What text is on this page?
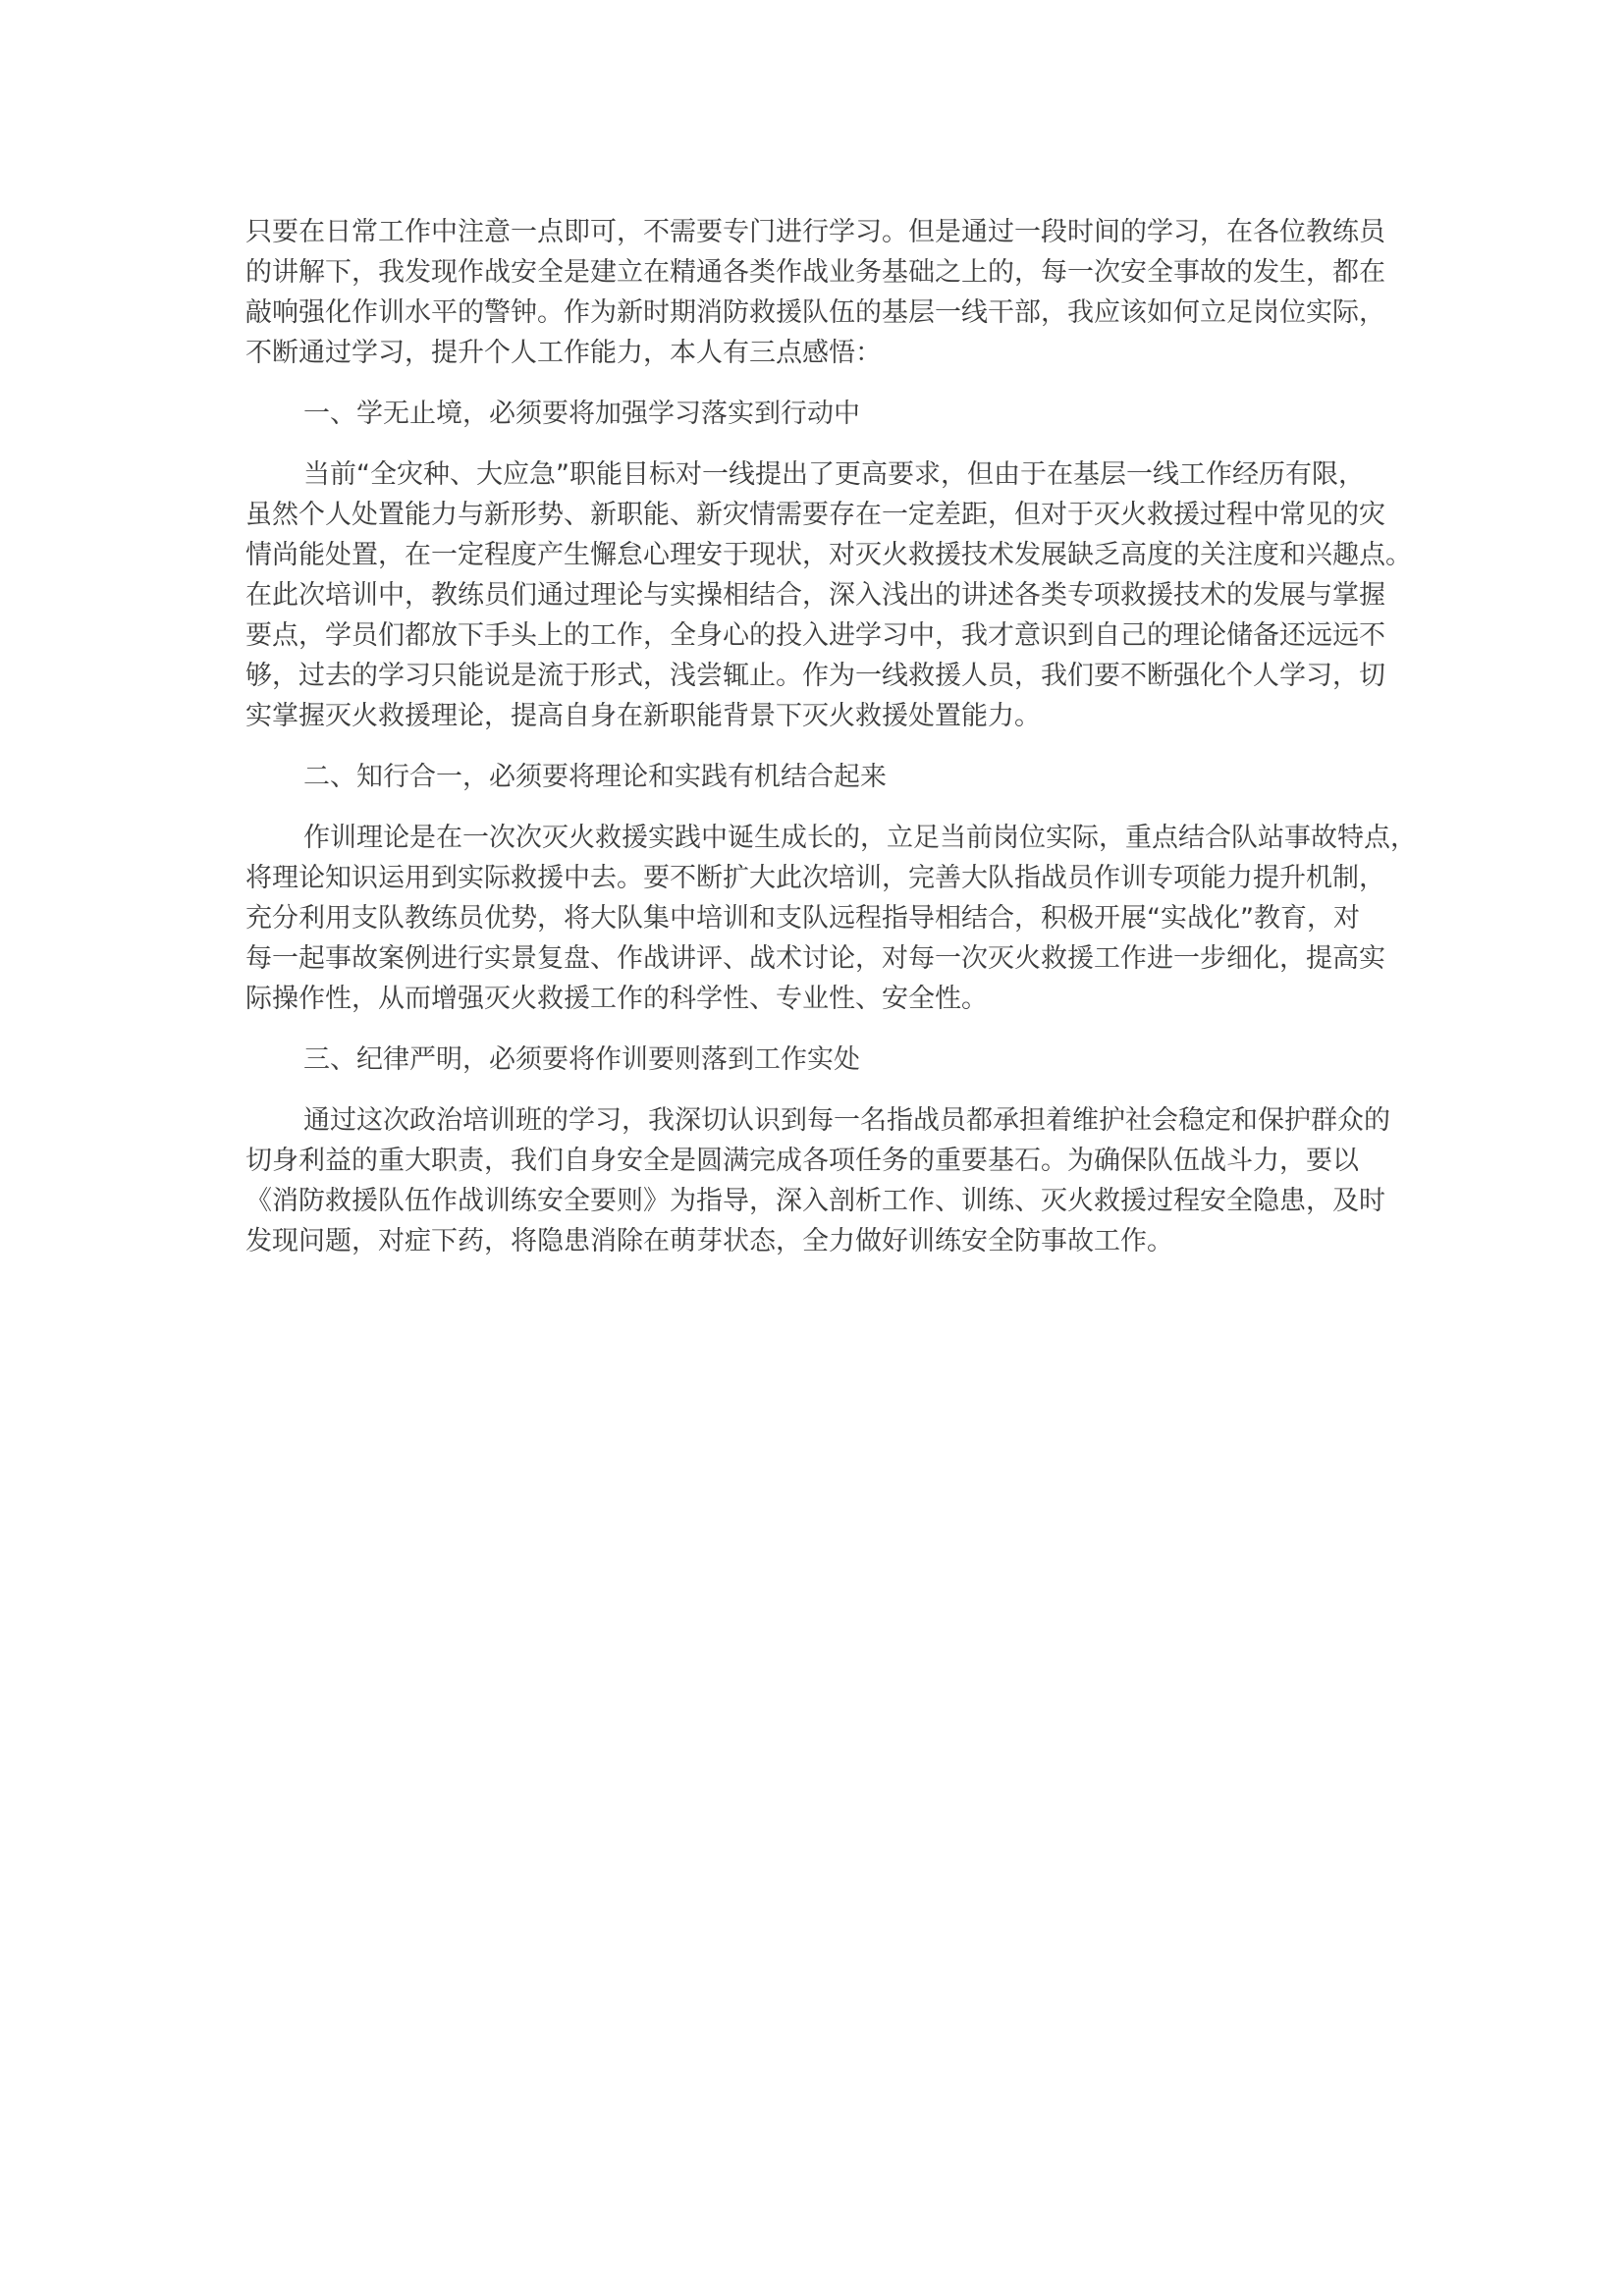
只要在日常工作中注意一点即可，不需要专门进行学习。但是通过一段时间的学习，在各位教练员
的讲解下，我发现作战安全是建立在精通各类作战业务基础之上的，每一次安全事故的发生，都在
敲响强化作训水平的警钟。作为新时期消防救援队伍的基层一线干部，我应该如何立足岗位实际，
不断通过学习，提升个人工作能力，本人有三点感悟：
一、学无止境，必须要将加强学习落实到行动中
当前“全灾种、大应急”职能目标对一线提出了更高要求，但由于在基层一线工作经历有限，
虽然个人处置能力与新形势、新职能、新灾情需要存在一定差距，但对于灭火救援过程中常见的灾
情尚能处置，在一定程度产生懈怠心理安于现状，对灭火救援技术发展缺乏高度的关注度和兴趣点。
在此次培训中，教练员们通过理论与实操相结合，深入浅出的讲述各类专项救援技术的发展与掌握
要点，学员们都放下手头上的工作，全身心的投入进学习中，我才意识到自己的理论储备还远远不
够，过去的学习只能说是流于形式，浅尝辄止。作为一线救援人员，我们要不断强化个人学习，切
实掌握灭火救援理论，提高自身在新职能背景下灭火救援处置能力。
二、知行合一，必须要将理论和实践有机结合起来
作训理论是在一次次灭火救援实践中诞生成长的，立足当前岗位实际，重点结合队站事故特点，
将理论知识运用到实际救援中去。要不断扩大此次培训，完善大队指战员作训专项能力提升机制，
充分利用支队教练员优势，将大队集中培训和支队远程指导相结合，积极开展“实战化”教育，对
每一起事故案例进行实景复盘、作战讲评、战术讨论，对每一次灭火救援工作进一步细化，提高实
际操作性，从而增强灭火救援工作的科学性、专业性、安全性。
三、纪律严明，必须要将作训要则落到工作实处
通过这次政治培训班的学习，我深切认识到每一名指战员都承担着维护社会稳定和保护群众的
切身利益的重大职责，我们自身安全是圆满完成各项任务的重要基石。为确保队伍战斗力，要以
《消防救援队伍作战训练安全要则》为指导，深入剖析工作、训练、灭火救援过程安全隐患，及时
发现问题，对症下药，将隐患消除在萌芽状态，全力做好训练安全防事故工作。
